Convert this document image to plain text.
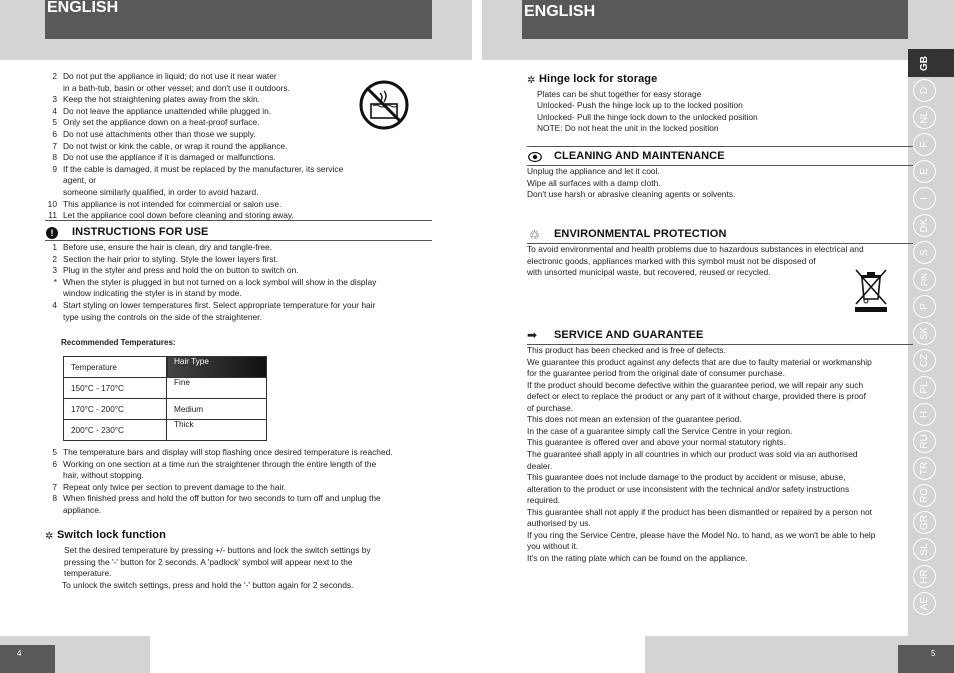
ENGLISH	ENGLISH
GB
D
NL
F
E
I
DK
S
FIN
P
SK
CZ
PL
H
RU
TR
RO
GR
SL
HR
AE
2 Do not put the appliance in liquid; do not use it near water
in a bath-tub, basin or other vessel; and don't use it outdoors.
3 Keep the hot straightening plates away from the skin.
4 Do not leave the appliance unattended while plugged in.
5 Only set the appliance down on a heat-proof surface.
6 Do not use attachments other than those we supply.
7 Do not twist or kink the cable, or wrap it round the appliance.
8 Do not use the appliance if it is damaged or malfunctions.
9 If the cable is damaged, it must be replaced by the manufacturer, its service agent, or
someone similarly qualified, in order to avoid hazard.
10 This appliance is not intended for commercial or salon use.
11 Let the appliance cool down before cleaning and storing away.
!	INSTRUCTIONS FOR USE
1 Before use, ensure the hair is clean, dry and tangle-free.
2 Section the hair prior to styling. Style the lower layers first.
3 Plug in the styler and press and hold the on button to switch on.
* When the styler is plugged in but not turned on a lock symbol will show in the display
window indicating the styler is in stand by mode.
4 Start styling on lower temperatures first. Select appropriate temperature for your hair
type using the controls on the side of the straightener.
Recommended Temperatures:
Temperature	Hair Type
150°C - 170°C	Fine
170°C - 200°C	Medium
200°C - 230°C	Thick
5 The temperature bars and display will stop flashing once desired temperature is reached.
6 Working on one section at a time run the straightener through the entire length of the
hair, without stopping.
7 Repeat only twice per section to prevent damage to the hair.
8 When finished press and hold the off button for two seconds to turn off and unplug the
appliance.
✲ Switch lock function

Set the desired temperature by pressing +/- buttons and lock the switch settings by

pressing the '-' button for 2 seconds. A 'padlock' symbol will appear next to the

temperature.

To unlock the switch settings, press and hold the '-' button again for 2 seconds.

✲ Hinge lock for storage

Plates can be shut together for easy storage

Unlocked- Push the hinge lock up to the locked position

Unlocked- Pull the hinge lock down to the unlocked position

NOTE: Do not heat the unit in the locked position

CLEANING AND MAINTENANCE

Unplug the appliance and let it cool.

Wipe all surfaces with a damp cloth.

Don't use harsh or abrasive cleaning agents or solvents.

♲ ENVIRONMENTAL PROTECTION

To avoid environmental and health problems due to hazardous substances in electrical and

electronic goods, appliances marked with this symbol must not be disposed of

with unsorted municipal waste, but recovered, reused or recycled.

➡ SERVICE AND GUARANTEE

This product has been checked and is free of defects.

We guarantee this product against any defects that are due to faulty material or workmanship

for the guarantee period from the original date of consumer purchase.

If the product should become defective within the guarantee period, we will repair any such

defect or elect to replace the product or any part of it without charge, provided there is proof

of purchase.

This does not mean an extension of the guarantee period.

In the case of a guarantee simply call the Service Centre in your region.

This guarantee is offered over and above your normal statutory rights.

The guarantee shall apply in all countries in which our product was sold via an authorised

dealer.

This guarantee does not include damage to the product by accident or misuse, abuse,

alteration to the product or use inconsistent with the technical and/or safety instructions

required.

This guarantee shall not apply if the product has been dismantled or repaired by a person not

authorised by us.

If you ring the Service Centre, please have the Model No. to hand, as we won't be able to help

you without it.

It's on the rating plate which can be found on the appliance.

4	5
